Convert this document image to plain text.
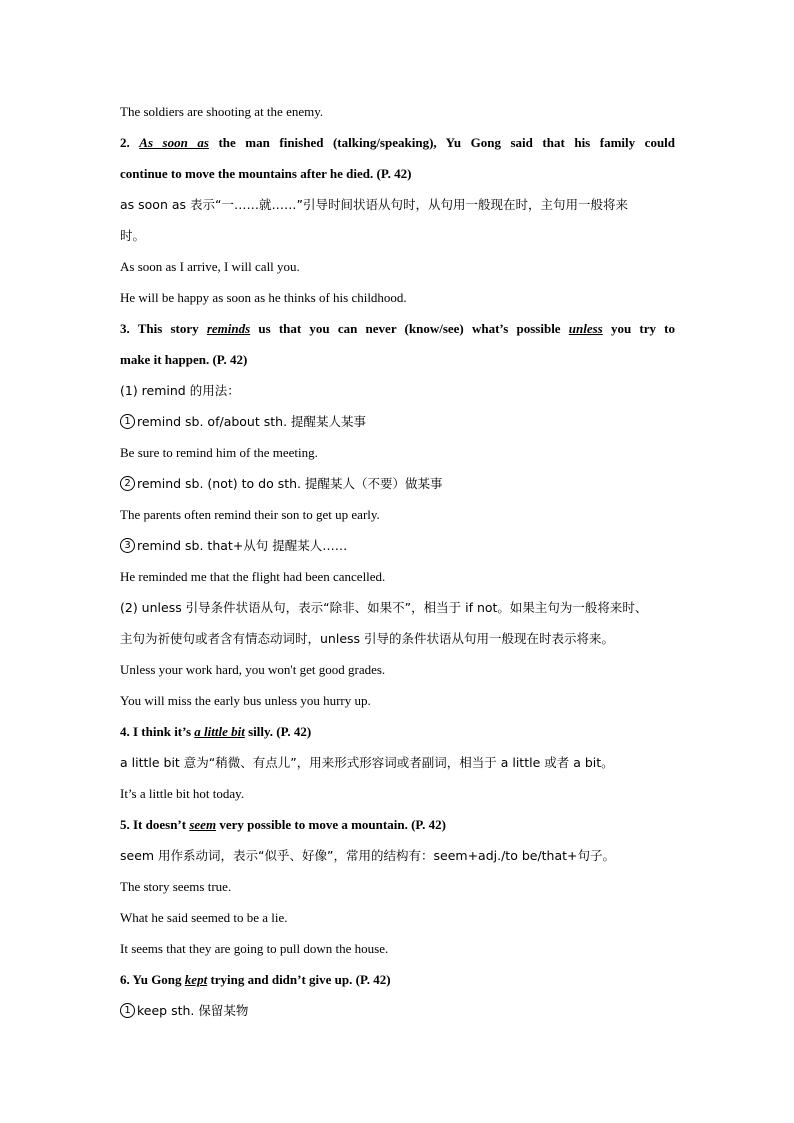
The soldiers are shooting at the enemy.
2. As soon as the man finished (talking/speaking), Yu Gong said that his family could
continue to move the mountains after he died. (P. 42)
as soon as 表示“一……就……”引导时间状语从句时，从句用一般现在时，主句用一般将来
时。
As soon as I arrive, I will call you.
He will be happy as soon as he thinks of his childhood.
3. This story reminds us that you can never (know/see) what’s possible unless you try to
make it happen. (P. 42)
(1) remind 的用法：
1 remind sb. of/about sth. 提醒某人某事
Be sure to remind him of the meeting.
2 remind sb. (not) to do sth. 提醒某人（不要）做某事
The parents often remind their son to get up early.
3 remind sb. that+从句 提醒某人……
He reminded me that the flight had been cancelled.
(2) unless 引导条件状语从句，表示“除非、如果不”，相当于 if not。如果主句为一般将来时、
主句为祈使句或者含有情态动词时，unless 引导的条件状语从句用一般现在时表示将来。
Unless your work hard, you won't get good grades.
You will miss the early bus unless you hurry up.
4. I think it’s a little bit silly. (P. 42)
a little bit 意为“稍微、有点儿”，用来形式形容词或者副词，相当于 a little 或者 a bit。
It’s a little bit hot today.
5. It doesn’t seem very possible to move a mountain. (P. 42)
seem 用作系动词，表示“似乎、好像”，常用的结构有：seem+adj./to be/that+句子。
The story seems true.
What he said seemed to be a lie.
It seems that they are going to pull down the house.
6. Yu Gong kept trying and didn’t give up. (P. 42)
1 keep sth. 保留某物
